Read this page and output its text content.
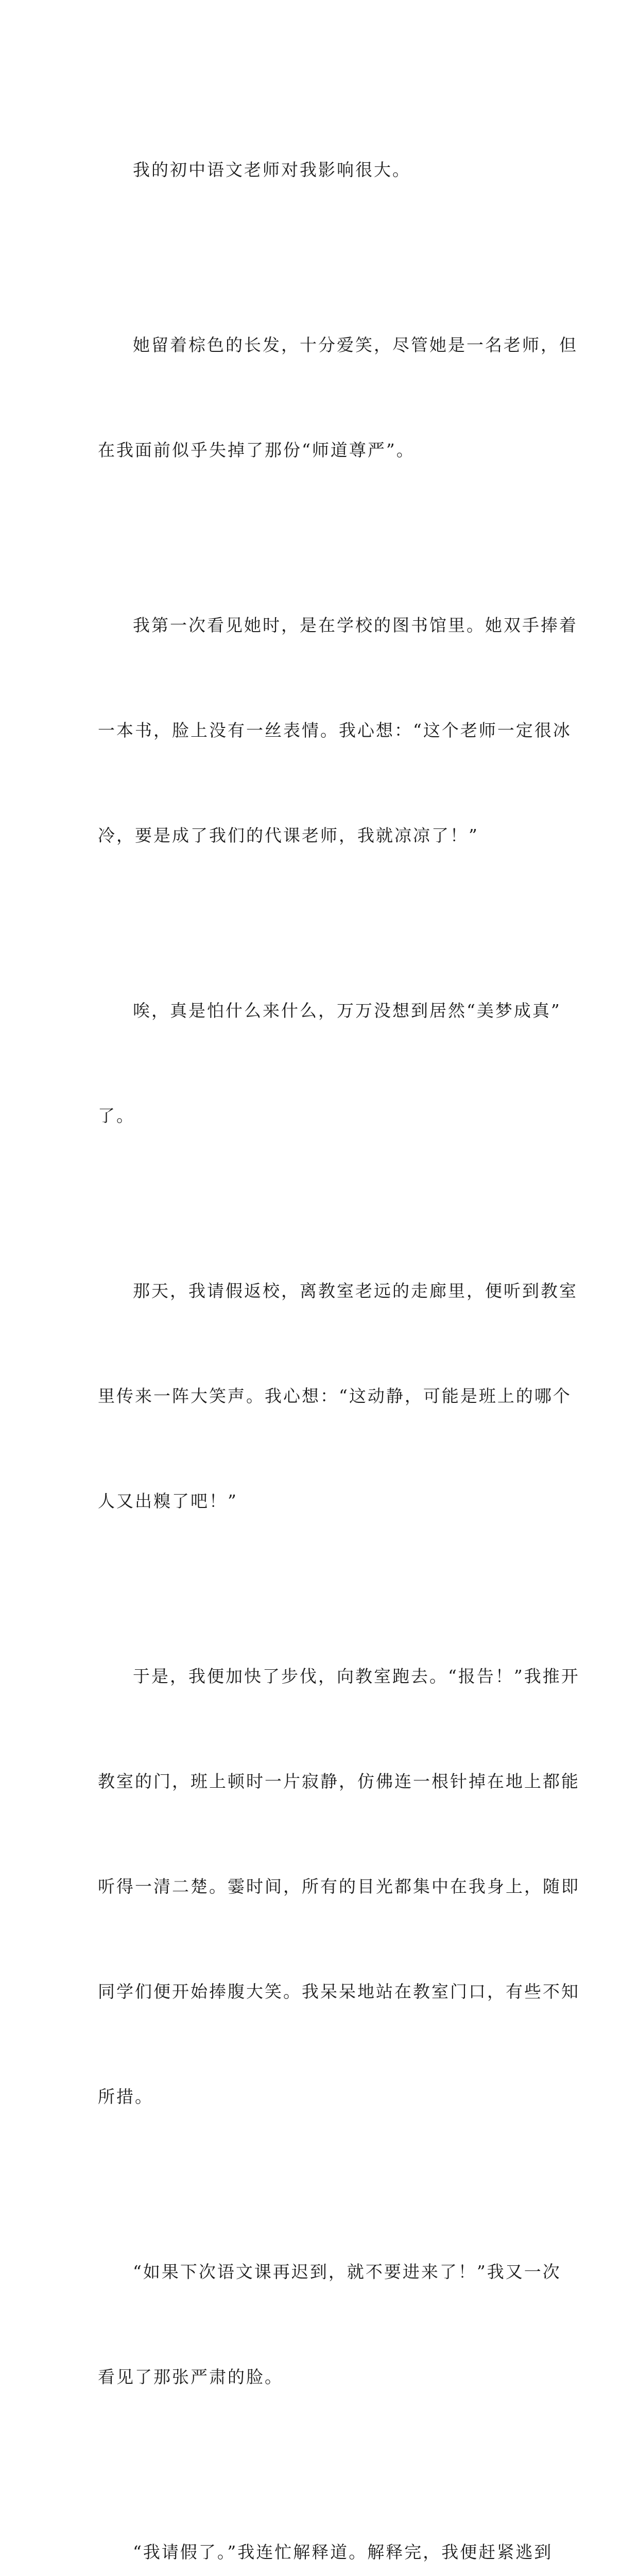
我的初中语文老师对我影响很大。

她留着棕色的长发，十分爱笑，尽管她是一名老师，但

在我面前似乎失掉了那份“师道尊严”。

我第一次看见她时，是在学校的图书馆里。她双手捧着

一本书，脸上没有一丝表情。我心想：“这个老师一定很冰

冷，要是成了我们的代课老师，我就凉凉了！”

唉，真是怕什么来什么，万万没想到居然“美梦成真”

了。

那天，我请假返校，离教室老远的走廊里，便听到教室

里传来一阵大笑声。我心想：“这动静，可能是班上的哪个

人又出糗了吧！”

于是，我便加快了步伐，向教室跑去。“报告！”我推开

教室的门，班上顿时一片寂静，仿佛连一根针掉在地上都能

听得一清二楚。霎时间，所有的目光都集中在我身上，随即

同学们便开始捧腹大笑。我呆呆地站在教室门口，有些不知

所措。

“如果下次语文课再迟到，就不要进来了！”我又一次

看见了那张严肃的脸。

“我请假了。”我连忙解释道。解释完，我便赶紧逃到
